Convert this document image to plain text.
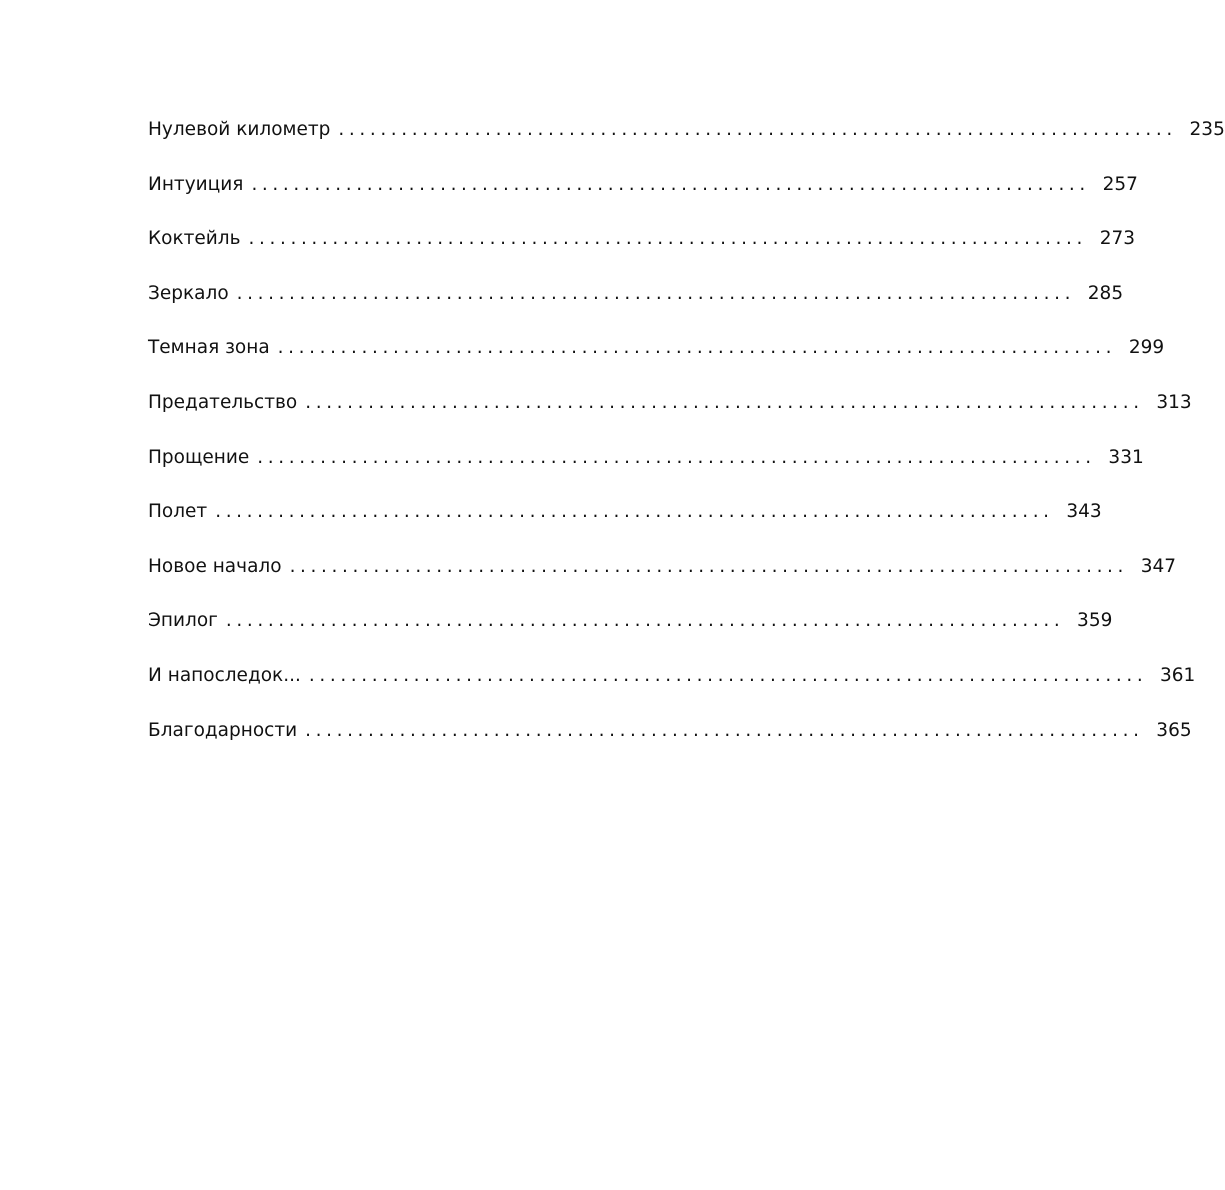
Нулевой километр ................................................................................ 235
Интуиция ................................................................................ 257
Коктейль ................................................................................ 273
Зеркало ................................................................................ 285
Темная зона ................................................................................ 299
Предательство ................................................................................ 313
Прощение ................................................................................ 331
Полет ................................................................................ 343
Новое начало ................................................................................ 347
Эпилог ................................................................................ 359
И напоследок... ................................................................................ 361
Благодарности ................................................................................ 365
